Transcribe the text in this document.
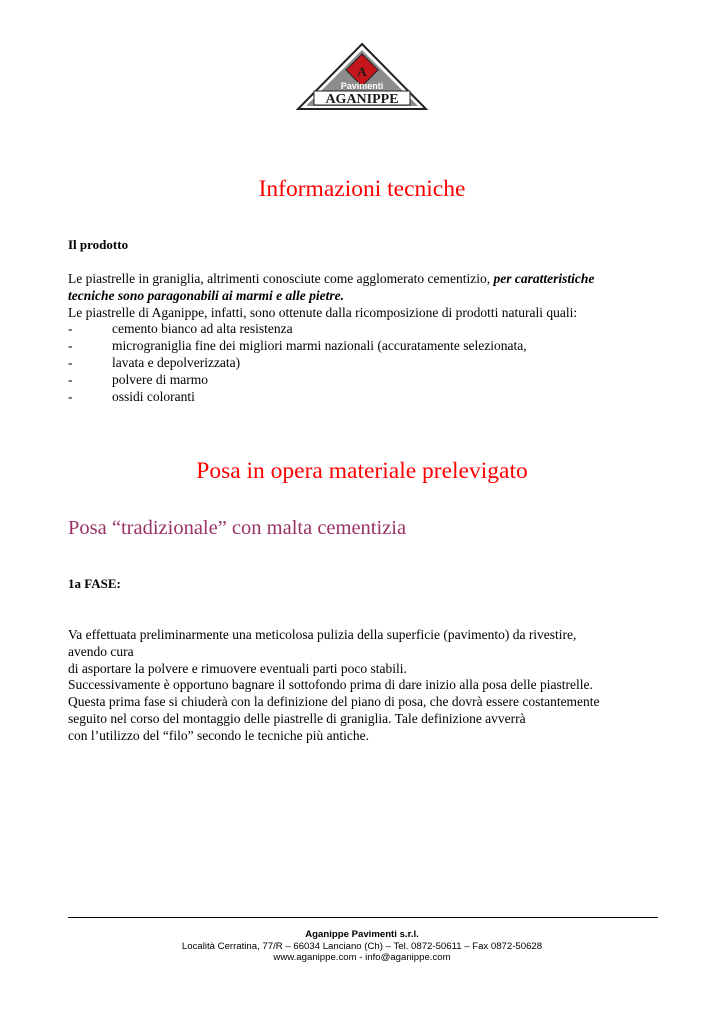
A
Pavimenti
AGANIPPE
Informazioni tecniche
Il prodotto

Le piastrelle in graniglia, altrimenti conosciute come agglomerato cementizio, per caratteristiche

tecniche sono paragonabili ai marmi e alle pietre.

Le piastrelle di Aganippe, infatti, sono ottenute dalla ricomposizione di prodotti naturali quali:

-	cemento bianco ad alta resistenza
-	micrograniglia fine dei migliori marmi nazionali (accuratamente selezionata,
-	lavata e depolverizzata)
-	polvere di marmo
-	ossidi coloranti
Posa in opera materiale prelevigato
Posa “tradizionale” con malta cementizia
1a FASE:

Va effettuata preliminarmente una meticolosa pulizia della superficie (pavimento) da rivestire,

avendo cura

di asportare la polvere e rimuovere eventuali parti poco stabili.

Successivamente è opportuno bagnare il sottofondo prima di dare inizio alla posa delle piastrelle.

Questa prima fase si chiuderà con la definizione del piano di posa, che dovrà essere costantemente

seguito nel corso del montaggio delle piastrelle di graniglia. Tale definizione avverrà

con l’utilizzo del “filo” secondo le tecniche più antiche.

Aganippe Pavimenti s.r.l.
Località Cerratina, 77/R – 66034 Lanciano (Ch) – Tel. 0872-50611 – Fax 0872-50628
www.aganippe.com - info@aganippe.com
